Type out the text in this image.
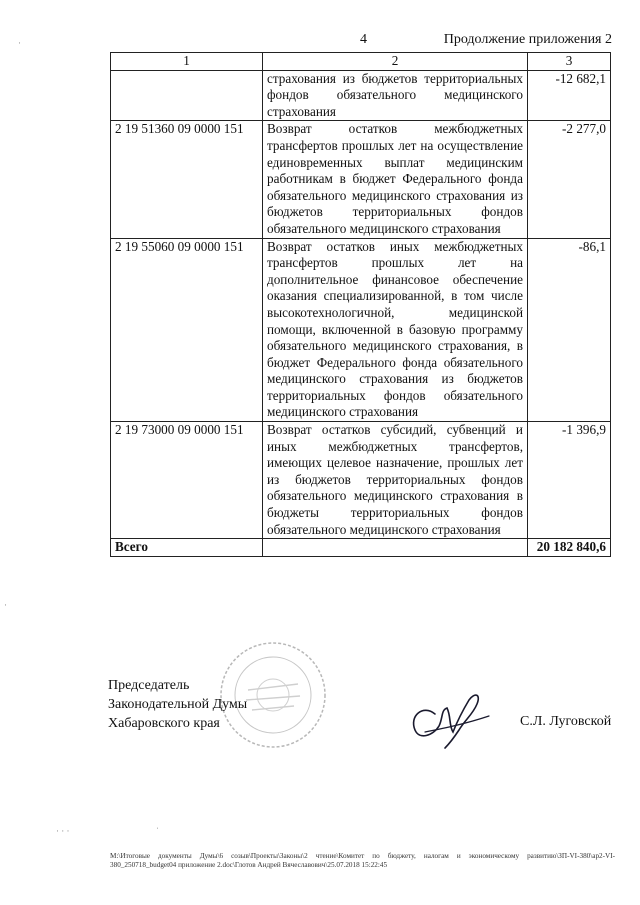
4	Продолжение приложения 2
·
·
1	2	3
	страхования из бюджетов территориальных фондов обязательного медицинского страхования	-12 682,1
2 19 51360 09 0000 151	Возврат остатков межбюджетных трансфертов прошлых лет на осуществление единовременных выплат медицинским работникам в бюджет Федерального фонда обязательного медицинского страхования из бюджетов территориальных фондов обязательного медицинского страхования	-2 277,0
2 19 55060 09 0000 151	Возврат остатков иных межбюджетных трансфертов прошлых лет на дополнительное финансовое обеспечение оказания специализированной, в том числе высокотехнологичной, медицинской помощи, включенной в базовую программу обязательного медицинского страхования, в бюджет Федерального фонда обязательного медицинского страхования из бюджетов территориальных фондов обязательного медицинского страхования	-86,1
2 19 73000 09 0000 151	Возврат остатков субсидий, субвенций и иных межбюджетных трансфертов, имеющих целевое назначение, прошлых лет из бюджетов территориальных фондов обязательного медицинского страхования в бюджеты территориальных фондов обязательного медицинского страхования	-1 396,9
Всего		20 182 840,6
Председатель
Законодательной Думы
Хабаровского края	С.Л. Луговской
· · ·	ˈ
M:\Итоговые документы Думы\6 созыв\Проекты\Законы\2 чтение\Комитет по бюджету, налогам и экономическому развитию\ЗП-VI-380\ap2-VI-380_250718_budget04 приложение 2.doc\Глотов Андрей Вячеславович\25.07.2018 15:22:45
